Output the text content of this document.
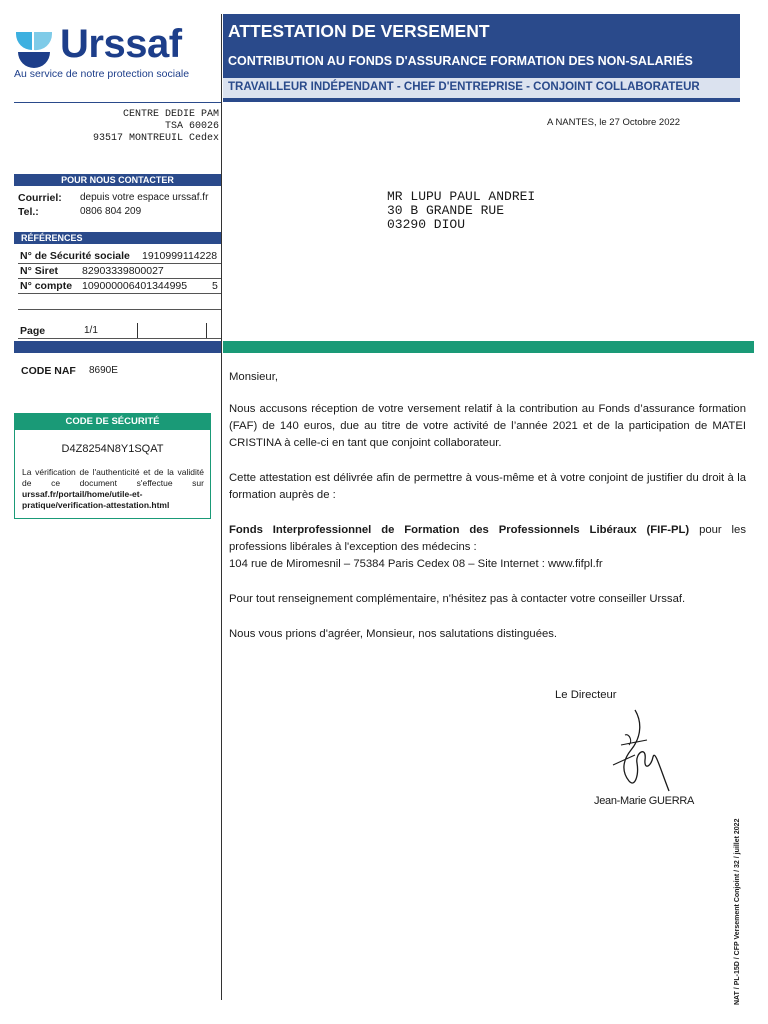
Urssaf
Au service de notre protection sociale
ATTESTATION DE VERSEMENT
CONTRIBUTION AU FONDS D'ASSURANCE FORMATION DES NON-SALARIÉS
TRAVAILLEUR INDÉPENDANT - CHEF D'ENTREPRISE - CONJOINT COLLABORATEUR
CENTRE DEDIE PAM
TSA 60026
93517 MONTREUIL Cedex
A NANTES, le 27 Octobre 2022
POUR NOUS CONTACTER
Courriel: depuis votre espace urssaf.fr
Tel.:	0806 804 209
RÉFÉRENCES
N° de Sécurité sociale 1910999114228
N° Siret 82903339800027
N° compte 109000006401344995 5
Page	1/1
MR LUPU PAUL ANDREI
30 B GRANDE RUE
03290 DIOU
CODE NAF 8690E
CODE DE SÉCURITÉ
D4Z8254N8Y1SQAT
La vérification de l'authenticité et de la validité de ce document s'effectue sur urssaf.fr/portail/home/utile-et-pratique/verification-attestation.html
Monsieur,
Nous accusons réception de votre versement relatif à la contribution au Fonds d’assurance formation (FAF) de 140 euros, due au titre de votre activité de l’année 2021 et de la participation de MATEI CRISTINA à celle-ci en tant que conjoint collaborateur.
Cette attestation est délivrée afin de permettre à vous-même et à votre conjoint de justifier du droit à la formation auprès de :
Fonds Interprofessionnel de Formation des Professionnels Libéraux (FIF-PL) pour les professions libérales à l'exception des médecins :
104 rue de Miromesnil – 75384 Paris Cedex 08 – Site Internet : www.fifpl.fr
Pour tout renseignement complémentaire, n'hésitez pas à contacter votre conseiller Urssaf.
Nous vous prions d'agréer, Monsieur, nos salutations distinguées.
Le Directeur
Jean-Marie GUERRA
NAT / PL-15D / CFP Versement Conjoint / 32 / juillet 2022
